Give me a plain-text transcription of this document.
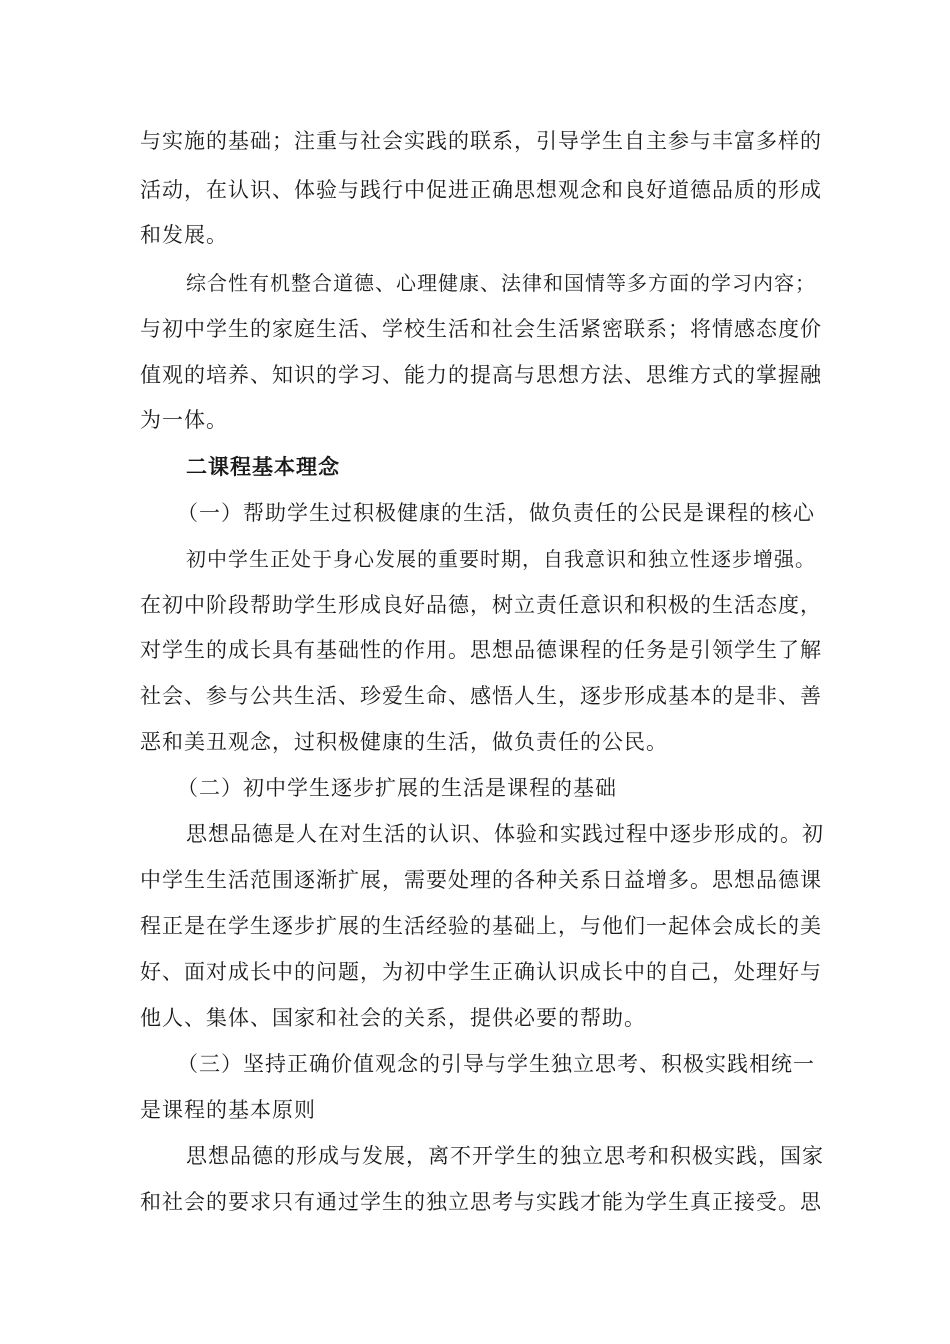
与实施的基础；注重与社会实践的联系，引导学生自主参与丰富多样的
活动，在认识、体验与践行中促进正确思想观念和良好道德品质的形成
和发展。
综合性有机整合道德、心理健康、法律和国情等多方面的学习内容；
与初中学生的家庭生活、学校生活和社会生活紧密联系；将情感态度价
值观的培养、知识的学习、能力的提高与思想方法、思维方式的掌握融
为一体。
二课程基本理念
（一）帮助学生过积极健康的生活，做负责任的公民是课程的核心
初中学生正处于身心发展的重要时期，自我意识和独立性逐步增强。
在初中阶段帮助学生形成良好品德，树立责任意识和积极的生活态度，
对学生的成长具有基础性的作用。思想品德课程的任务是引领学生了解
社会、参与公共生活、珍爱生命、感悟人生，逐步形成基本的是非、善
恶和美丑观念，过积极健康的生活，做负责任的公民。
（二）初中学生逐步扩展的生活是课程的基础
思想品德是人在对生活的认识、体验和实践过程中逐步形成的。初
中学生生活范围逐渐扩展，需要处理的各种关系日益增多。思想品德课
程正是在学生逐步扩展的生活经验的基础上，与他们一起体会成长的美
好、面对成长中的问题，为初中学生正确认识成长中的自己，处理好与
他人、集体、国家和社会的关系，提供必要的帮助。
（三）坚持正确价值观念的引导与学生独立思考、积极实践相统一
是课程的基本原则
思想品德的形成与发展，离不开学生的独立思考和积极实践，国家
和社会的要求只有通过学生的独立思考与实践才能为学生真正接受。思
